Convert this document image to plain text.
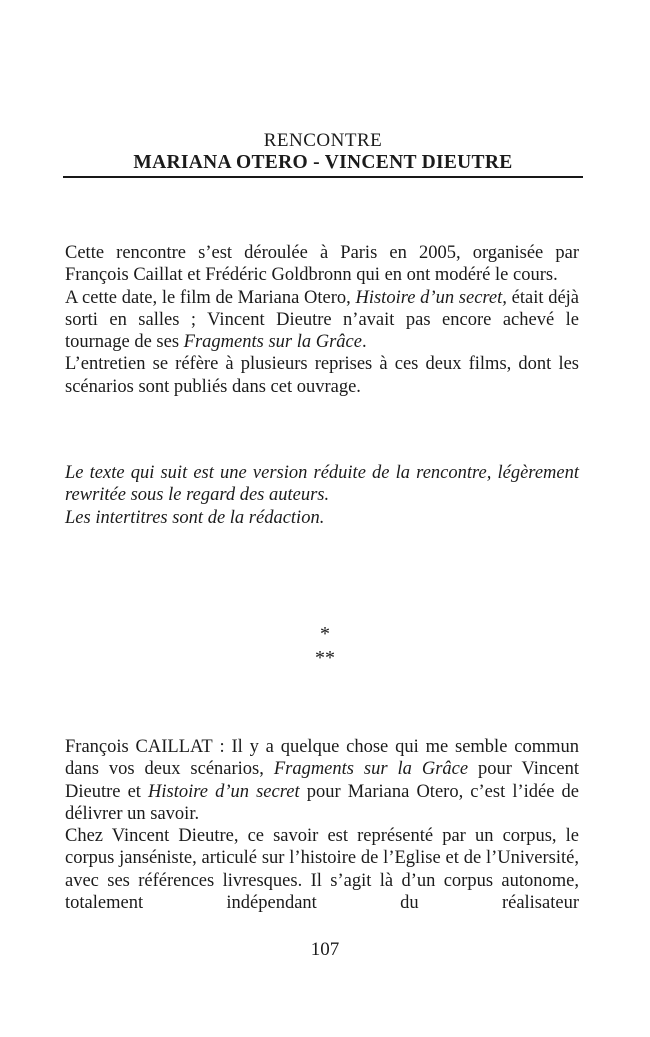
RENCONTRE
MARIANA OTERO - VINCENT DIEUTRE

Cette rencontre s’est déroulée à Paris en 2005, organisée par François Caillat et Frédéric Goldbronn qui en ont modéré le cours.

A cette date, le film de Mariana Otero, Histoire d’un secret, était déjà sorti en salles ; Vincent Dieutre n’avait pas encore achevé le tournage de ses Fragments sur la Grâce.

L’entretien se réfère à plusieurs reprises à ces deux films, dont les scénarios sont publiés dans cet ouvrage.

Le texte qui suit est une version réduite de la rencontre, légèrement rewritée sous le regard des auteurs.

Les intertitres sont de la rédaction.

*
**

François CAILLAT : Il y a quelque chose qui me semble commun dans vos deux scénarios, Fragments sur la Grâce pour Vincent Dieutre et Histoire d’un secret pour Mariana Otero, c’est l’idée de délivrer un savoir.

Chez Vincent Dieutre, ce savoir est représenté par un corpus, le corpus janséniste, articulé sur l’histoire de l’Eglise et de l’Université, avec ses références livresques. Il s’agit là d’un corpus autonome, totalement indépendant du réalisateur

107
